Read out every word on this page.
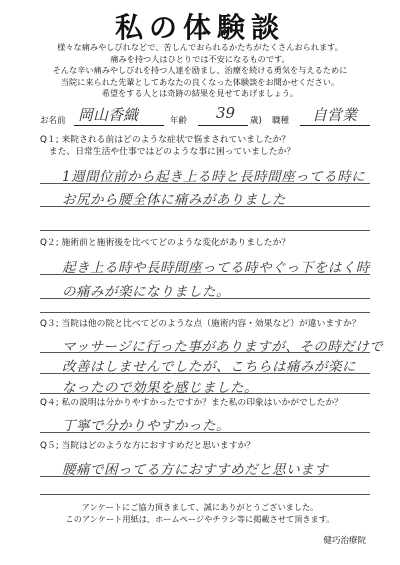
私の体験談
様々な痛みやしびれなどで、苦しんでおられるかたちがたくさんおられます。
痛みを持つ人はひとりでは不安になるものです。
そんな辛い痛みやしびれを持つ人達を励まし、治療を続ける勇気を与えるために
当院に来られた先輩としてあなたの良くなった体験談をお聞かせください。
希望をする人とは奇跡の結果を見せてあげましょう。
お名前 岡山香織	年齢 39 歳) 職種 自営業
Q１; 来院される前はどのような症状で悩まされていましたか？
　また、日常生活や仕事ではどのような事に困っていましたか？
1週間位前から起き上る時と長時間座ってる時に
お尻から腰全体に痛みがありました
Q２; 施術前と施術後を比べてどのような変化がありましたか？
起き上る時や長時間座ってる時やぐっ下をはく時
の痛みが楽になりました。
Q３; 当院は他の院と比べてどのような点（施術内容・効果など）が違いますか？
マッサージに行った事がありますが、その時だけで
改善はしませんでしたが、こちらは痛みが楽に
なったので効果を感じました。
Q４; 私の説明は分かりやすかったですか？また私の印象はいかがでしたか？
丁寧で分かりやすかった。
Q５; 当院はどのような方におすすめだと思いますか？
腰痛で困ってる方におすすめだと思います
アンケートにご協力頂きまして、誠にありがとうございました。
このアンケート用紙は、ホームページやチラシ等に掲載させて頂きます。
健巧治療院
